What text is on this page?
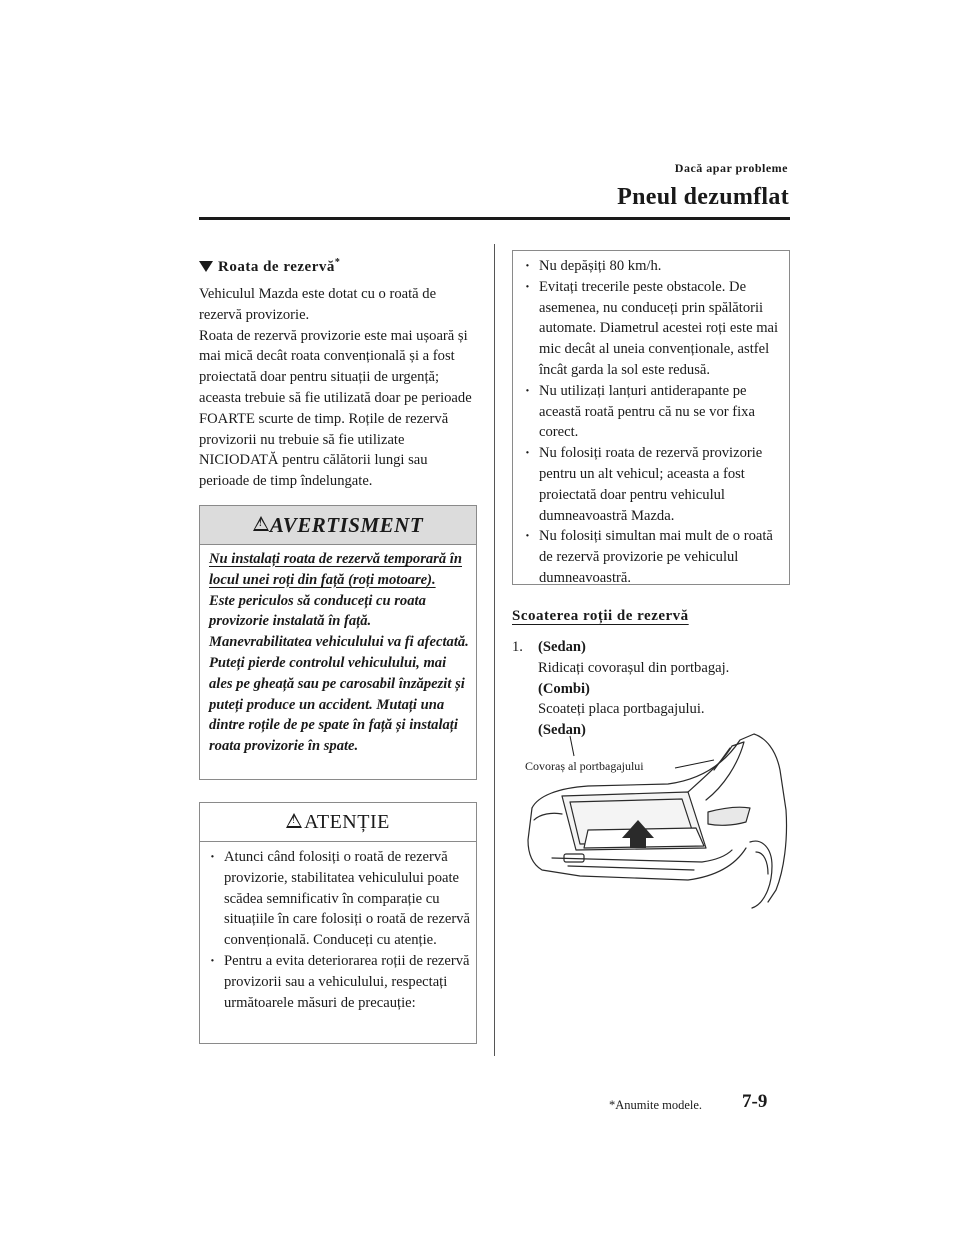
Dacă apar probleme
Pneul dezumflat
Roata de rezervă*

Vehiculul Mazda este dotat cu o roată de rezervă provizorie.

Roata de rezervă provizorie este mai ușoară și mai mică decât roata convențională și a fost proiectată doar pentru situații de urgență; aceasta trebuie să fie utilizată doar pe perioade FOARTE scurte de timp. Roțile de rezervă provizorii nu trebuie să fie utilizate NICIODATĂ pentru călătorii lungi sau perioade de timp îndelungate.

!AVERTISMENT

Nu instalați roata de rezervă temporară în locul unei roți din față (roți motoare).

Este periculos să conduceți cu roata provizorie instalată în față. Manevrabilitatea vehiculului va fi afectată. Puteți pierde controlul vehiculului, mai ales pe gheață sau pe carosabil înzăpezit și puteți produce un accident. Mutați una dintre roțile de pe spate în față și instalați roata provizorie în spate.

!ATENȚIE
· Atunci când folosiți o roată de rezervă provizorie, stabilitatea vehiculului poate scădea semnificativ în comparație cu situațiile în care folosiți o roată de rezervă convențională. Conduceți cu atenție.
· Pentru a evita deteriorarea roții de rezervă provizorii sau a vehiculului, respectați următoarele măsuri de precauție:
· Nu depășiți 80 km/h.
· Evitați trecerile peste obstacole. De asemenea, nu conduceți prin spălătorii automate. Diametrul acestei roți este mai mic decât al uneia convenționale, astfel încât garda la sol este redusă.
· Nu utilizați lanțuri antiderapante pe această roată pentru că nu se vor fixa corect.
· Nu folosiți roata de rezervă provizorie pentru un alt vehicul; aceasta a fost proiectată doar pentru vehiculul dumneavoastră Mazda.
· Nu folosiți simultan mai mult de o roată de rezervă provizorie pe vehiculul dumneavoastră.
Scoaterea roții de rezervă
1. (Sedan)
Ridicați covorașul din portbagaj.
(Combi)
Scoateți placa portbagajului.
(Sedan)
Covoraș al portbagajului
*Anumite modele. 7-9
